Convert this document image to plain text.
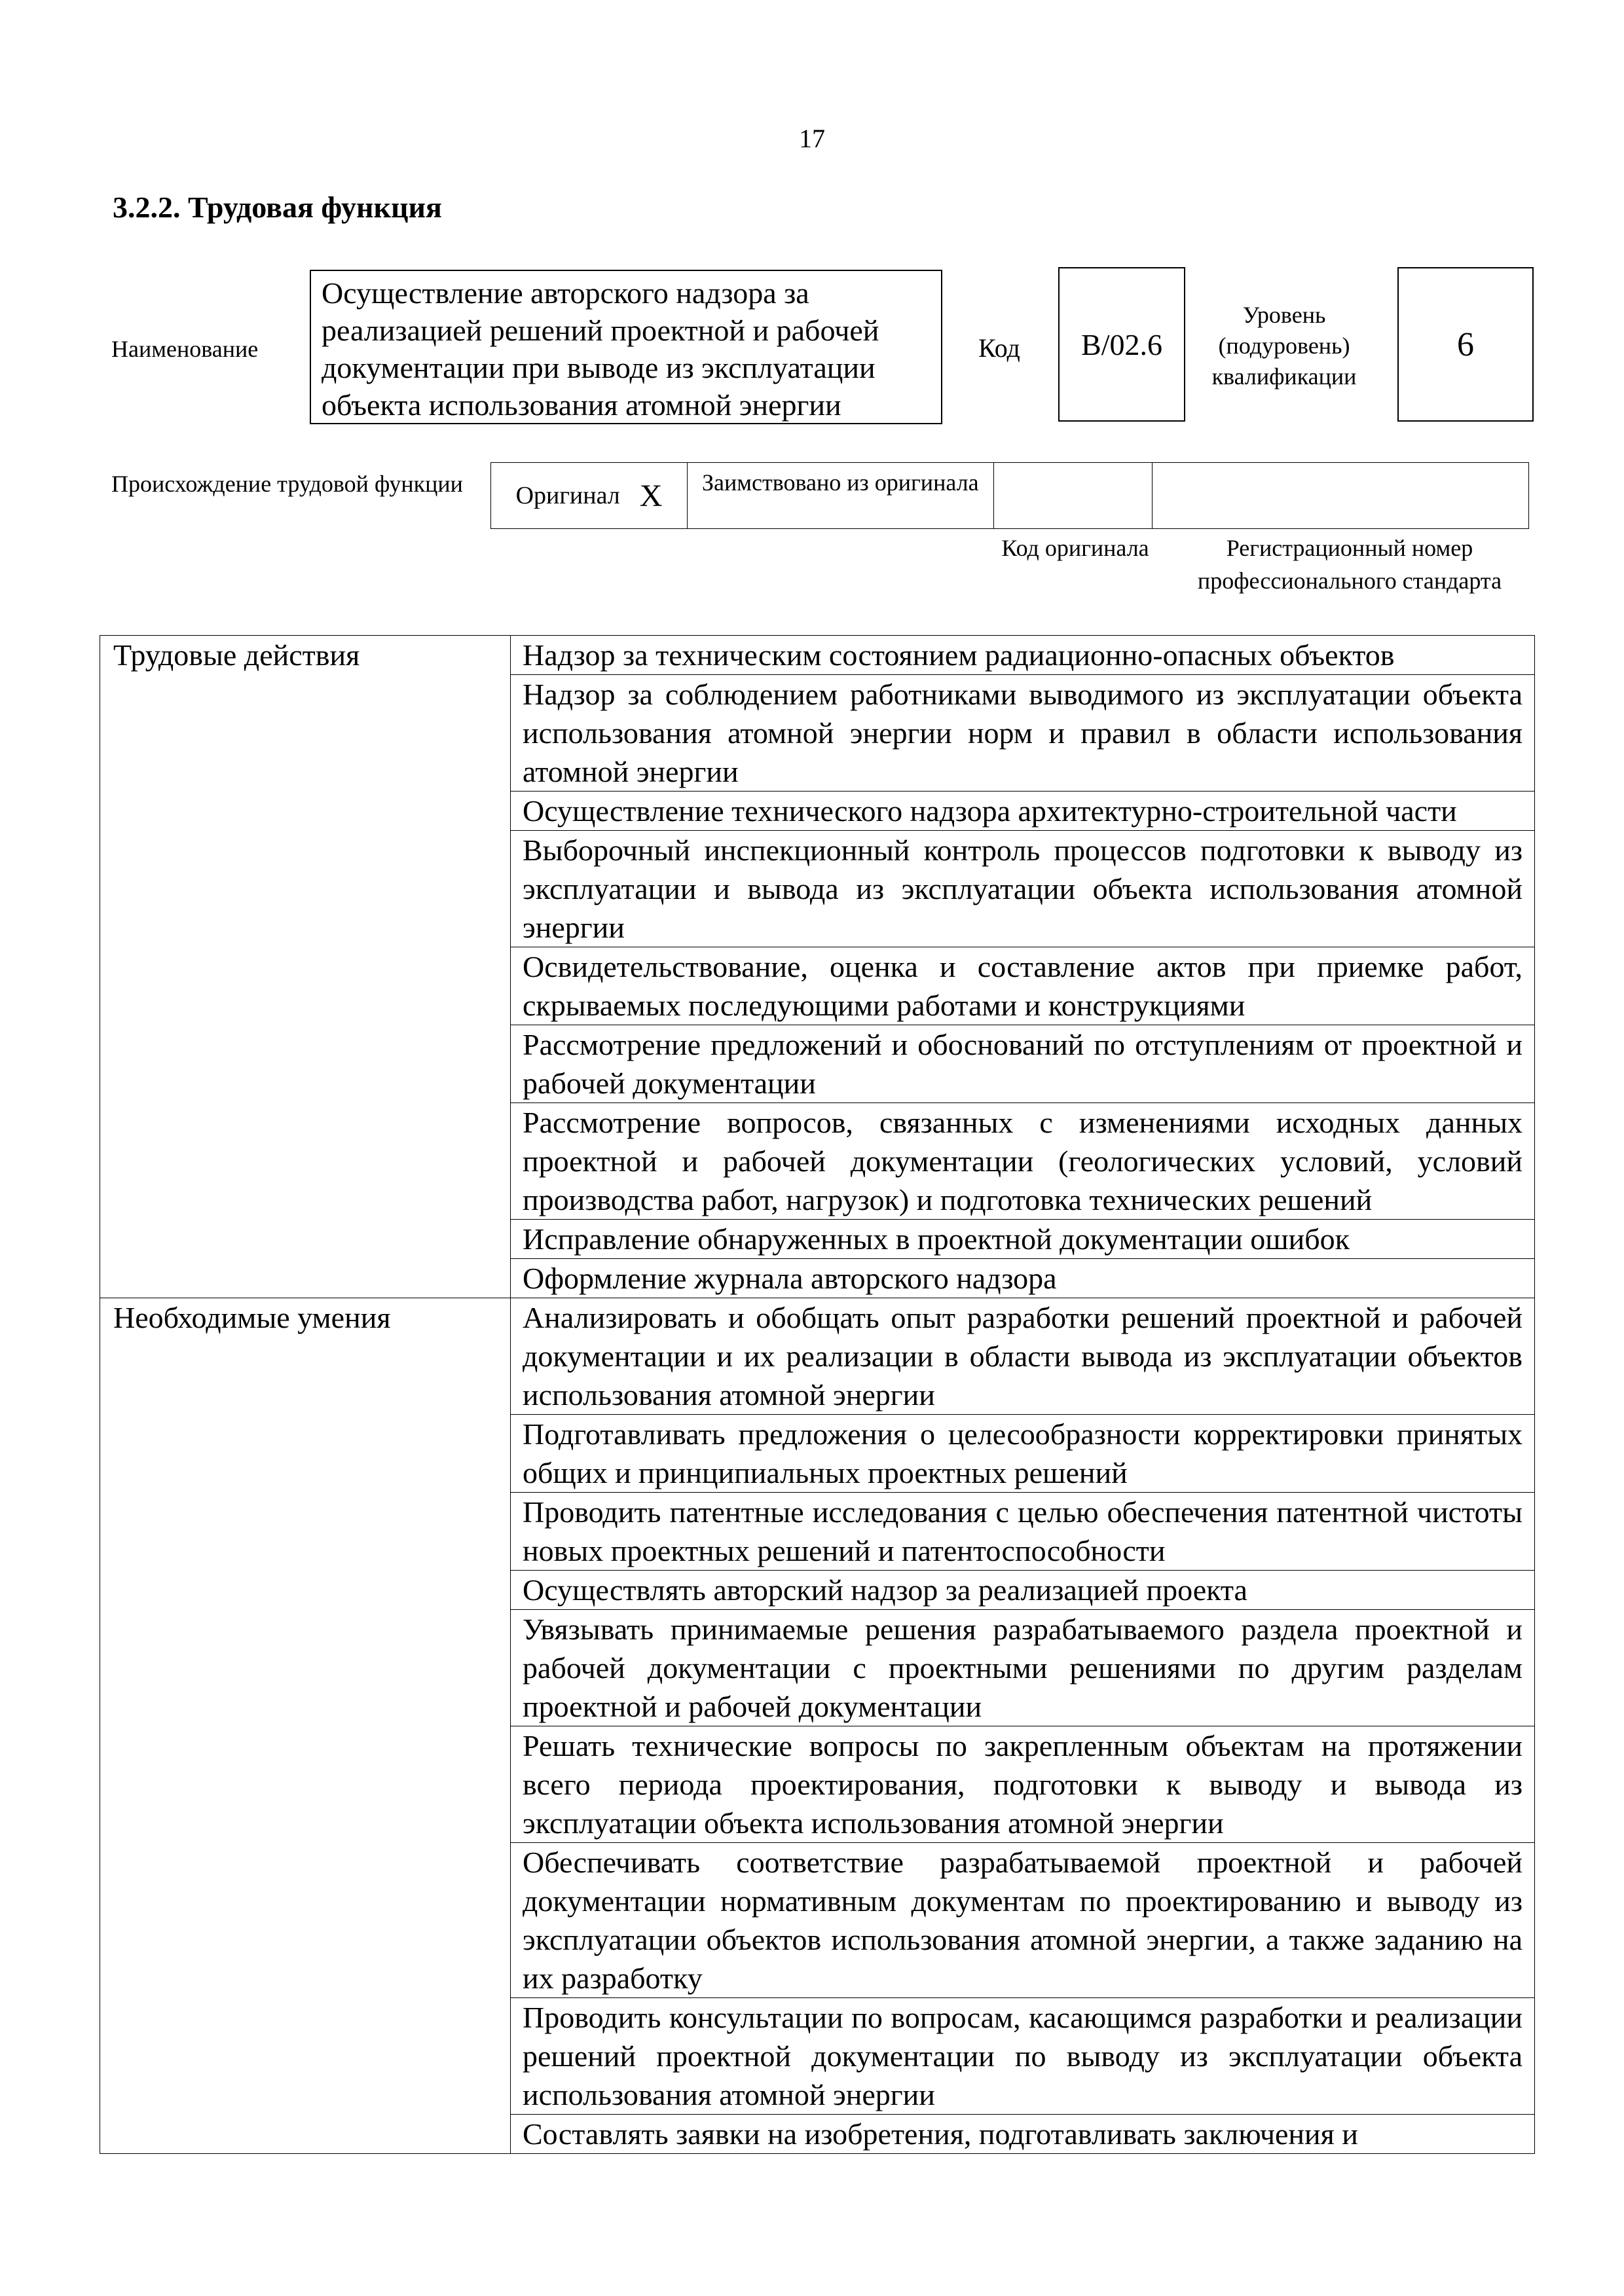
17
3.2.2. Трудовая функция
Наименование
Осуществление авторского надзора за реализацией решений проектной и рабочей документации при выводе из эксплуатации объекта использования атомной энергии
Код B/02.6
Уровень
(подуровень)
квалификации
6
Происхождение трудовой функции Оригинал X	Заимствовано из оригинала
Код оригинала	Регистрационный номер профессионального стандарта
Трудовые действия	Надзор за техническим состоянием радиационно-опасных объектов
	Надзор за соблюдением работниками выводимого из эксплуатации объекта использования атомной энергии норм и правил в области использования атомной энергии
	Осуществление технического надзора архитектурно-строительной части
	Выборочный инспекционный контроль процессов подготовки к выводу из эксплуатации и вывода из эксплуатации объекта использования атомной энергии
	Освидетельствование, оценка и составление актов при приемке работ, скрываемых последующими работами и конструкциями
	Рассмотрение предложений и обоснований по отступлениям от проектной и рабочей документации
	Рассмотрение вопросов, связанных с изменениями исходных данных проектной и рабочей документации (геологических условий, условий производства работ, нагрузок) и подготовка технических решений
	Исправление обнаруженных в проектной документации ошибок
	Оформление журнала авторского надзора
Необходимые умения	Анализировать и обобщать опыт разработки решений проектной и рабочей документации и их реализации в области вывода из эксплуатации объектов использования атомной энергии
	Подготавливать предложения о целесообразности корректировки принятых общих и принципиальных проектных решений
	Проводить патентные исследования с целью обеспечения патентной чистоты новых проектных решений и патентоспособности
	Осуществлять авторский надзор за реализацией проекта
	Увязывать принимаемые решения разрабатываемого раздела проектной и рабочей документации с проектными решениями по другим разделам проектной и рабочей документации
	Решать технические вопросы по закрепленным объектам на протяжении всего периода проектирования, подготовки к выводу и вывода из эксплуатации объекта использования атомной энергии
	Обеспечивать соответствие разрабатываемой проектной и рабочей документации нормативным документам по проектированию и выводу из эксплуатации объектов использования атомной энергии, а также заданию на их разработку
	Проводить консультации по вопросам, касающимся разработки и реализации решений проектной документации по выводу из эксплуатации объекта использования атомной энергии
	Составлять заявки на изобретения, подготавливать заключения и
